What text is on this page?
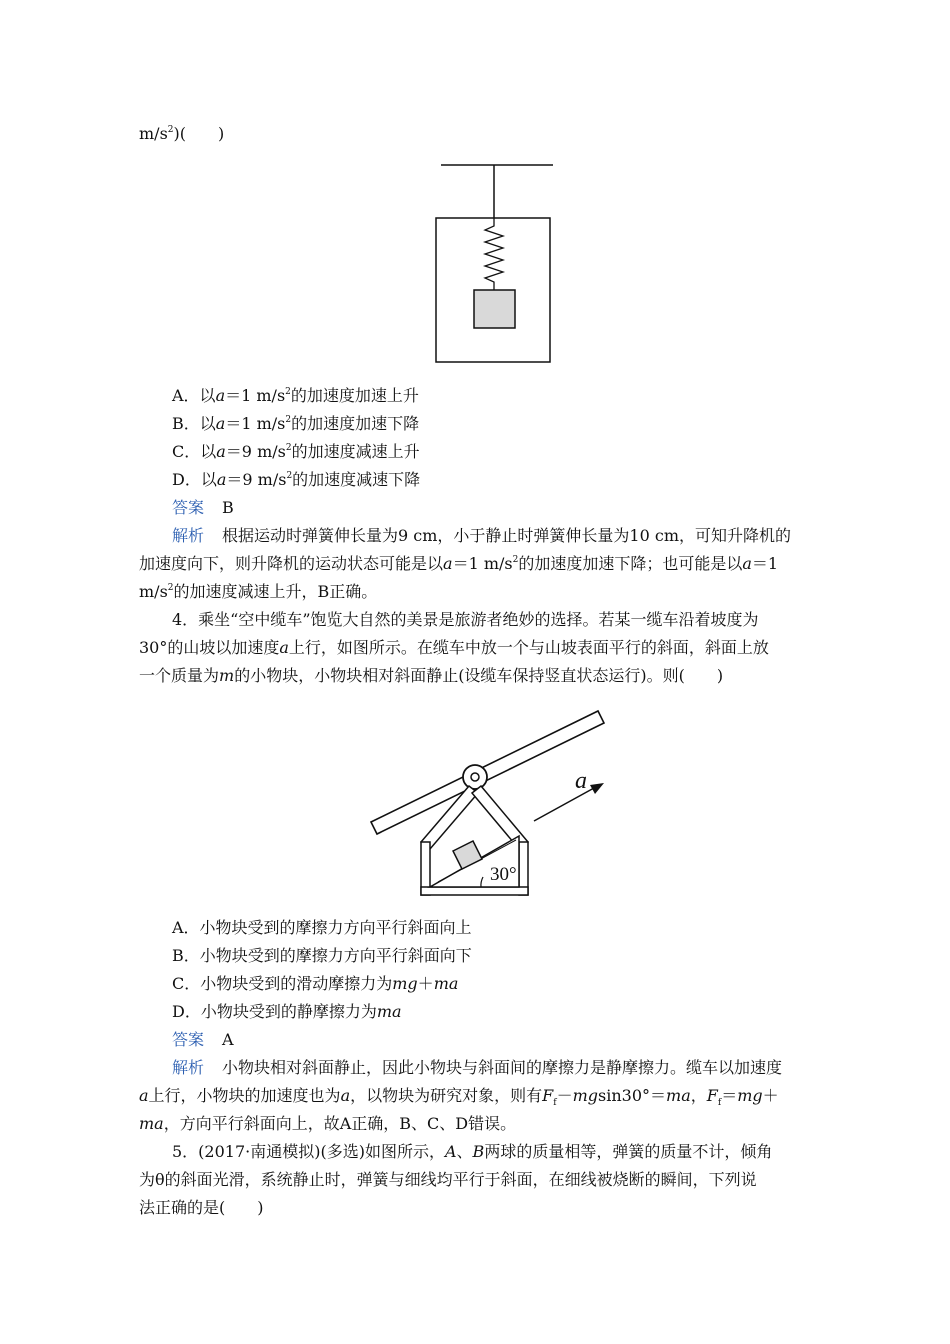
$m/s^2$)(　　)
A．以a＝1 $m/s^2$的加速度加速上升
B．以a＝1 $m/s^2$的加速度加速下降
C．以a＝9 $m/s^2$的加速度减速上升
D．以a＝9 $m/s^2$的加速度减速下降
答案 B
解析 根据运动时弹簧伸长量为9 cm，小于静止时弹簧伸长量为10 cm，可知升降机的
加速度向下，则升降机的运动状态可能是以a＝1 $m/s^2$的加速度加速下降；也可能是以a＝1
$m/s^2$的加速度减速上升，B正确。
4．乘坐“空中缆车”饱览大自然的美景是旅游者绝妙的选择。若某一缆车沿着坡度为
30°的山坡以加速度a上行，如图所示。在缆车中放一个与山坡表面平行的斜面，斜面上放
一个质量为m的小物块，小物块相对斜面静止(设缆车保持竖直状态运行)。则(　　)
30°
a
A．小物块受到的摩擦力方向平行斜面向上
B．小物块受到的摩擦力方向平行斜面向下
C．小物块受到的滑动摩擦力为mg＋ma
D．小物块受到的静摩擦力为ma
答案 A
解析 小物块相对斜面静止，因此小物块与斜面间的摩擦力是静摩擦力。缆车以加速度
a上行，小物块的加速度也为a，以物块为研究对象，则有$F_f-mgsin30^\circ=ma$，$F_f=mg+$
ma，方向平行斜面向上，故A正确，B、C、D错误。
5．(2017·南通模拟)(多选)如图所示，A、B两球的质量相等，弹簧的质量不计，倾角
为θ的斜面光滑，系统静止时，弹簧与细线均平行于斜面，在细线被烧断的瞬间，下列说
法正确的是(　　)
